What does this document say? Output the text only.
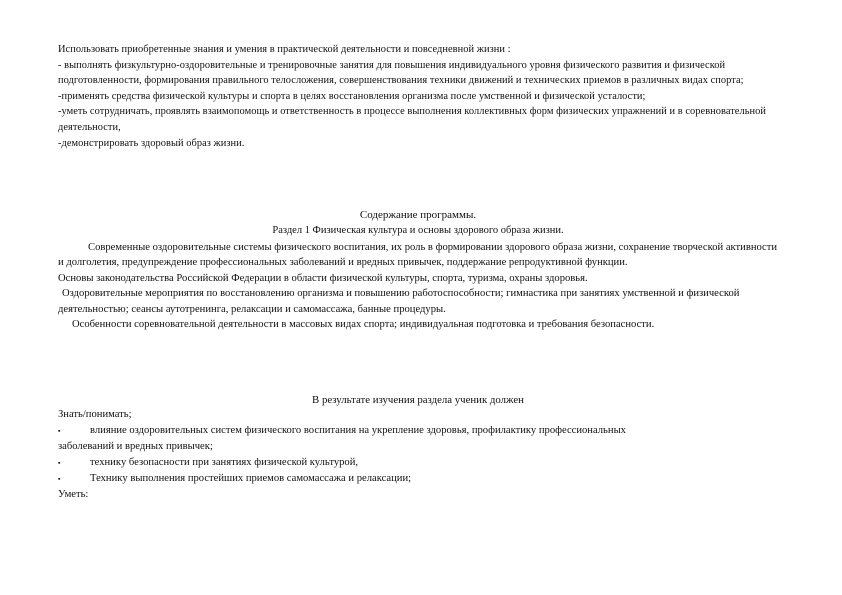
Использовать приобретенные знания и умения в практической деятельности и повседневной жизни :

- выполнять физкультурно-оздоровительные и тренировочные занятия для повышения индивидуального уровня физического развития и физической подготовленности, формирования правильного телосложения, совершенствования техники движений и технических приемов в различных видах спорта;

-применять средства физической культуры и спорта в целях восстановления организма после умственной и физической усталости;

-уметь сотрудничать, проявлять взаимопомощь и ответственность в процессе выполнения коллективных форм физических упражнений и в соревновательной деятельности,

-демонстрировать здоровый образ жизни.

Содержание программы.
Раздел 1 Физическая культура и основы здорового образа жизни.

Современные оздоровительные системы физического воспитания, их роль в формировании здорового образа жизни, сохранение творческой активности и долголетия, предупреждение профессиональных заболеваний и вредных привычек, поддержание репродуктивной функции.

Основы законодательства Российской Федерации в области физической культуры, спорта, туризма, охраны здоровья.

Оздоровительные мероприятия по восстановлению организма и повышению работоспособности; гимнастика при занятиях умственной и физической деятельностью; сеансы аутотренинга, релаксации и самомассажа, банные процедуры.

Особенности соревновательной деятельности в массовых видах спорта; индивидуальная подготовка и требования безопасности.

В результате изучения раздела ученик должен

Знать/понимать;

▪	влияние оздоровительных систем физического воспитания на укрепление здоровья, профилактику профессиональных

заболеваний и вредных привычек;

▪	техникy безопасности при занятиях физической культурой,
▪	Техникy выполнения простейших приемов самомассажа и релаксации;

Уметь:
